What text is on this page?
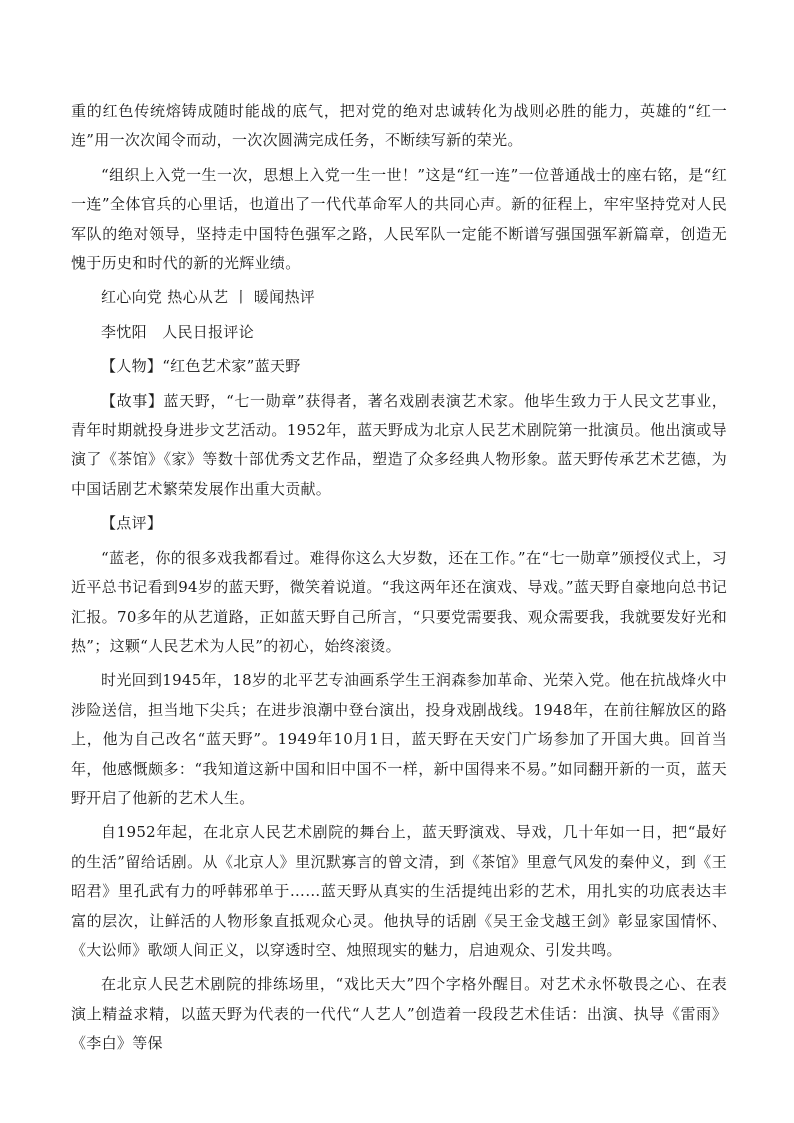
重的红色传统熔铸成随时能战的底气，把对党的绝对忠诚转化为战则必胜的能力，英雄的“红一连”用一次次闻令而动，一次次圆满完成任务，不断续写新的荣光。

“组织上入党一生一次，思想上入党一生一世！”这是“红一连”一位普通战士的座右铭，是“红一连”全体官兵的心里话，也道出了一代代革命军人的共同心声。新的征程上，牢牢坚持党对人民军队的绝对领导，坚持走中国特色强军之路，人民军队一定能不断谱写强国强军新篇章，创造无愧于历史和时代的新的光辉业绩。

红心向党 热心从艺 丨 暖闻热评

李忱阳　人民日报评论

【人物】“红色艺术家”蓝天野

【故事】蓝天野，“七一勋章”获得者，著名戏剧表演艺术家。他毕生致力于人民文艺事业，青年时期就投身进步文艺活动。1952年，蓝天野成为北京人民艺术剧院第一批演员。他出演或导演了《茶馆》《家》等数十部优秀文艺作品，塑造了众多经典人物形象。蓝天野传承艺术艺德，为中国话剧艺术繁荣发展作出重大贡献。

【点评】

“蓝老，你的很多戏我都看过。难得你这么大岁数，还在工作。”在“七一勋章”颁授仪式上，习近平总书记看到94岁的蓝天野，微笑着说道。“我这两年还在演戏、导戏。”蓝天野自豪地向总书记汇报。70多年的从艺道路，正如蓝天野自己所言，“只要党需要我、观众需要我，我就要发好光和热”；这颗“人民艺术为人民”的初心，始终滚烫。

时光回到1945年，18岁的北平艺专油画系学生王润森参加革命、光荣入党。他在抗战烽火中涉险送信，担当地下尖兵；在进步浪潮中登台演出，投身戏剧战线。1948年，在前往解放区的路上，他为自己改名“蓝天野”。1949年10月1日，蓝天野在天安门广场参加了开国大典。回首当年，他感慨颇多：“我知道这新中国和旧中国不一样，新中国得来不易。”如同翻开新的一页，蓝天野开启了他新的艺术人生。

自1952年起，在北京人民艺术剧院的舞台上，蓝天野演戏、导戏，几十年如一日，把“最好的生活”留给话剧。从《北京人》里沉默寡言的曾文清，到《茶馆》里意气风发的秦仲义，到《王昭君》里孔武有力的呼韩邪单于……蓝天野从真实的生活提纯出彩的艺术，用扎实的功底表达丰富的层次，让鲜活的人物形象直抵观众心灵。他执导的话剧《吴王金戈越王剑》彰显家国情怀、《大讼师》歌颂人间正义，以穿透时空、烛照现实的魅力，启迪观众、引发共鸣。

在北京人民艺术剧院的排练场里，“戏比天大”四个字格外醒目。对艺术永怀敬畏之心、在表演上精益求精，以蓝天野为代表的一代代“人艺人”创造着一段段艺术佳话：出演、执导《雷雨》《李白》等保
